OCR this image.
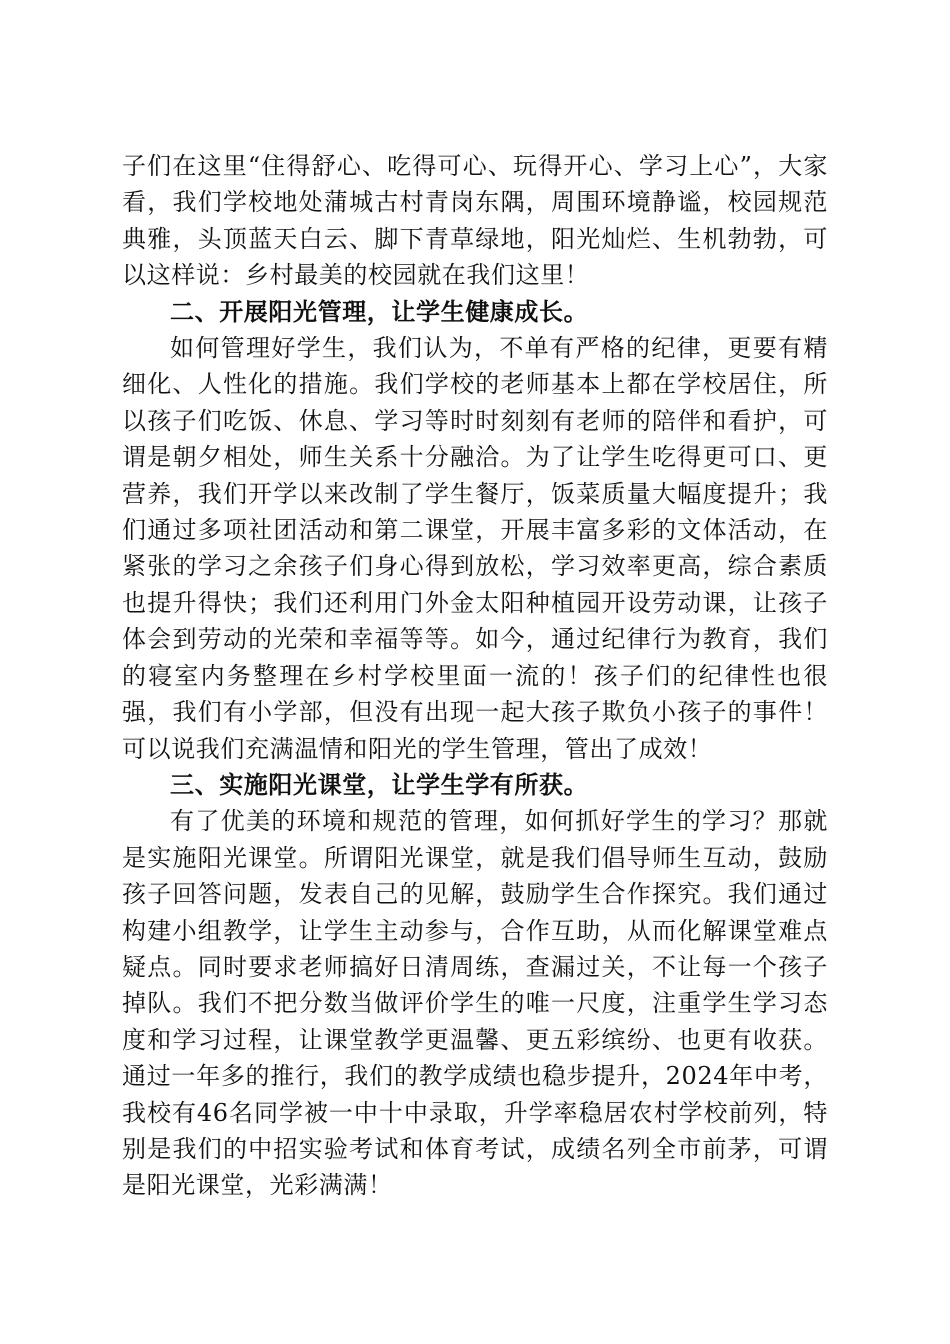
子们在这里“住得舒心、吃得可心、玩得开心、学习上心”，大家看，我们学校地处蒲城古村青岗东隅，周围环境静谧，校园规范典雅，头顶蓝天白云、脚下青草绿地，阳光灿烂、生机勃勃，可以这样说：乡村最美的校园就在我们这里！

二、开展阳光管理，让学生健康成长。

如何管理好学生，我们认为，不单有严格的纪律，更要有精细化、人性化的措施。我们学校的老师基本上都在学校居住，所以孩子们吃饭、休息、学习等时时刻刻有老师的陪伴和看护，可谓是朝夕相处，师生关系十分融洽。为了让学生吃得更可口、更营养，我们开学以来改制了学生餐厅，饭菜质量大幅度提升；我们通过多项社团活动和第二课堂，开展丰富多彩的文体活动，在紧张的学习之余孩子们身心得到放松，学习效率更高，综合素质也提升得快；我们还利用门外金太阳种植园开设劳动课，让孩子体会到劳动的光荣和幸福等等。如今，通过纪律行为教育，我们的寝室内务整理在乡村学校里面一流的！孩子们的纪律性也很强，我们有小学部，但没有出现一起大孩子欺负小孩子的事件！可以说我们充满温情和阳光的学生管理，管出了成效！

三、实施阳光课堂，让学生学有所获。

有了优美的环境和规范的管理，如何抓好学生的学习？那就是实施阳光课堂。所谓阳光课堂，就是我们倡导师生互动，鼓励孩子回答问题，发表自己的见解，鼓励学生合作探究。我们通过构建小组教学，让学生主动参与，合作互助，从而化解课堂难点疑点。同时要求老师搞好日清周练，查漏过关，不让每一个孩子掉队。我们不把分数当做评价学生的唯一尺度，注重学生学习态度和学习过程，让课堂教学更温馨、更五彩缤纷、也更有收获。通过一年多的推行，我们的教学成绩也稳步提升，2024年中考，我校有46名同学被一中十中录取，升学率稳居农村学校前列，特别是我们的中招实验考试和体育考试，成绩名列全市前茅，可谓是阳光课堂，光彩满满！
